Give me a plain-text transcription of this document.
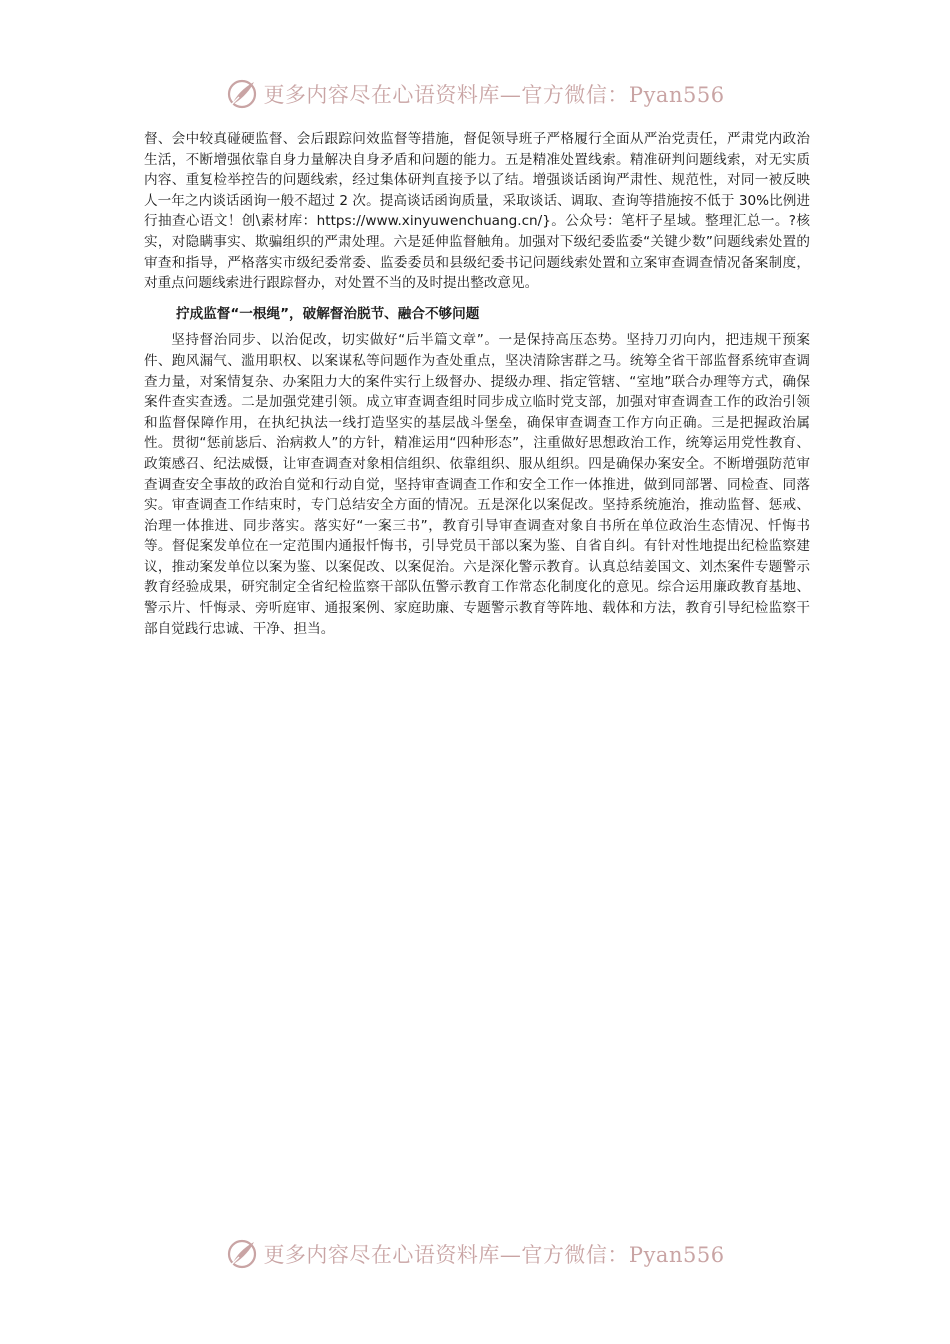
更多内容尽在心语资料库—官方微信：Pyan556

督、会中较真碰硬监督、会后跟踪问效监督等措施，督促领导班子严格履行全面从严治党责任，严肃党内政治生活，不断增强依靠自身力量解决自身矛盾和问题的能力。五是精准处置线索。精准研判问题线索，对无实质内容、重复检举控告的问题线索，经过集体研判直接予以了结。增强谈话函询严肃性、规范性，对同一被反映人一年之内谈话函询一般不超过 2 次。提高谈话函询质量，采取谈话、调取、查询等措施按不低于 30%比例进行抽查心语文！创\素材库：https://www.xinyuwenchuang.cn/}。公众号：笔杆子星域。整理汇总一。?核实，对隐瞒事实、欺骗组织的严肃处理。六是延伸监督触角。加强对下级纪委监委“关键少数”问题线索处置的审查和指导，严格落实市级纪委常委、监委委员和县级纪委书记问题线索处置和立案审查调查情况备案制度，对重点问题线索进行跟踪督办，对处置不当的及时提出整改意见。

拧成监督“一根绳”，破解督治脱节、融合不够问题

坚持督治同步、以治促改，切实做好“后半篇文章”。一是保持高压态势。坚持刀刃向内，把违规干预案件、跑风漏气、滥用职权、以案谋私等问题作为查处重点，坚决清除害群之马。统筹全省干部监督系统审查调查力量，对案情复杂、办案阻力大的案件实行上级督办、提级办理、指定管辖、“室地”联合办理等方式，确保案件查实查透。二是加强党建引领。成立审查调查组时同步成立临时党支部，加强对审查调查工作的政治引领和监督保障作用，在执纪执法一线打造坚实的基层战斗堡垒，确保审查调查工作方向正确。三是把握政治属性。贯彻“惩前毖后、治病救人”的方针，精准运用“四种形态”，注重做好思想政治工作，统筹运用党性教育、政策感召、纪法威慑，让审查调查对象相信组织、依靠组织、服从组织。四是确保办案安全。不断增强防范审查调查安全事故的政治自觉和行动自觉，坚持审查调查工作和安全工作一体推进，做到同部署、同检查、同落实。审查调查工作结束时，专门总结安全方面的情况。五是深化以案促改。坚持系统施治，推动监督、惩戒、治理一体推进、同步落实。落实好“一案三书”，教育引导审查调查对象自书所在单位政治生态情况、忏悔书等。督促案发单位在一定范围内通报忏悔书，引导党员干部以案为鉴、自省自纠。有针对性地提出纪检监察建议，推动案发单位以案为鉴、以案促改、以案促治。六是深化警示教育。认真总结姜国文、刘杰案件专题警示教育经验成果，研究制定全省纪检监察干部队伍警示教育工作常态化制度化的意见。综合运用廉政教育基地、警示片、忏悔录、旁听庭审、通报案例、家庭助廉、专题警示教育等阵地、载体和方法，教育引导纪检监察干部自觉践行忠诚、干净、担当。

更多内容尽在心语资料库—官方微信：Pyan556
